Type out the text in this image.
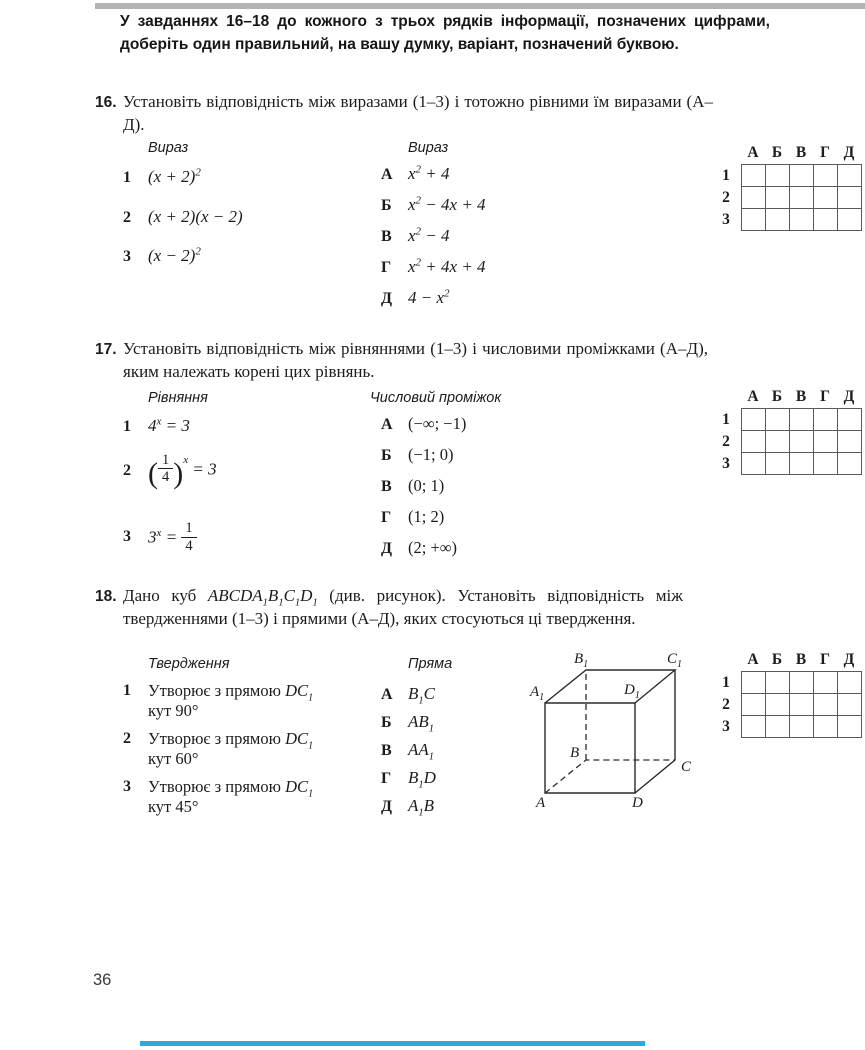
У завданнях 16–18 до кожного з трьох рядків інформації, позначених цифрами, доберіть один правильний, на вашу думку, варіант, позначений буквою.

16. Установіть відповідність між виразами (1–3) і тотожно рівними їм виразами (А–Д).

Вираз	Вираз

1 $(x + 2)^2$
2 (x + 2)(x − 2)
3 $(x - 2)^2$
А $x^2 + 4$
Б $x^2 - 4x + 4$
В $x^2 - 4$
Г $x^2 + 4x + 4$
Д $4 - x^2$
А Б В Г Д
1					
2					
3					

17. Установіть відповідність між рівняннями (1–3) і числовими проміжками (А–Д), яким належать корені цих рівнянь.

Рівняння	Числовий проміжок

1 $4^x = 3$
2 ( $\frac{1}{4} )^x = 3$
3	$3^x = \frac{1}{4}$
А (−∞; −1)
Б (−1; 0)
В (0; 1)
Г (1; 2)
Д (2; +∞)
А Б В Г Д
1					
2					
3					

18. Дано куб $ABCDA_1B_1C_1D_1$ (див. рисунок). Установіть відповідність між твердженнями (1–3) і прямими (А–Д), яких стосуються ці твердження.

Твердження	Пряма

1	Утворює з прямою $DC_1$
кут 90°
2	Утворює з прямою $DC_1$
кут 60°
3	Утворює з прямою $DC_1$
кут 45°
А $B_1C$
Б $AB_1$
В $AA_1$
Г $B_1D$
Д $A_1B$
$A_1$
$B_1$	$C_1$
$D_1$
B
C
A	D
А Б В Г Д
1					
2					
3					
36
